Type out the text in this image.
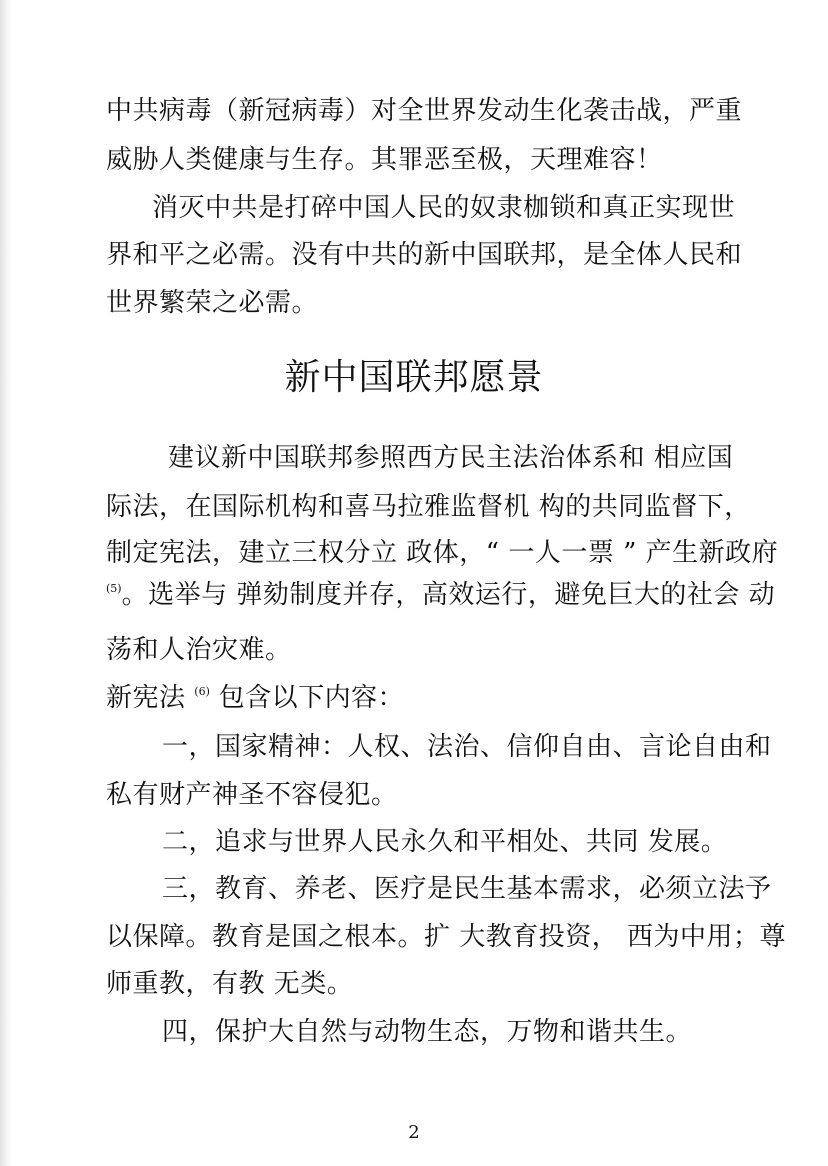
中共病毒（新冠病毒）对全世界发动生化袭击战，严重
威胁人类健康与生存。其罪恶至极，天理难容！
消灭中共是打碎中国人民的奴隶枷锁和真正实现世
界和平之必需。没有中共的新中国联邦，是全体人民和
世界繁荣之必需。
新中国联邦愿景
建议新中国联邦参照西方民主法治体系和 相应国
际法，在国际机构和喜马拉雅监督机 构的共同监督下，
制定宪法，建立三权分立 政体，“ 一人一票 ” 产生新政府
$^{(5)}$。选举与 弹劾制度并存，高效运行，避免巨大的社会 动
荡和人治灾难。
新宪法 $^{(6)}$ 包含以下内容：
一，国家精神：人权、法治、信仰自由、言论自由和
私有财产神圣不容侵犯。
二，追求与世界人民永久和平相处、共同 发展。
三，教育、养老、医疗是民生基本需求，必须立法予
以保障。教育是国之根本。扩 大教育投资， 西为中用；尊
师重教，有教 无类。
四，保护大自然与动物生态，万物和谐共生。
2
